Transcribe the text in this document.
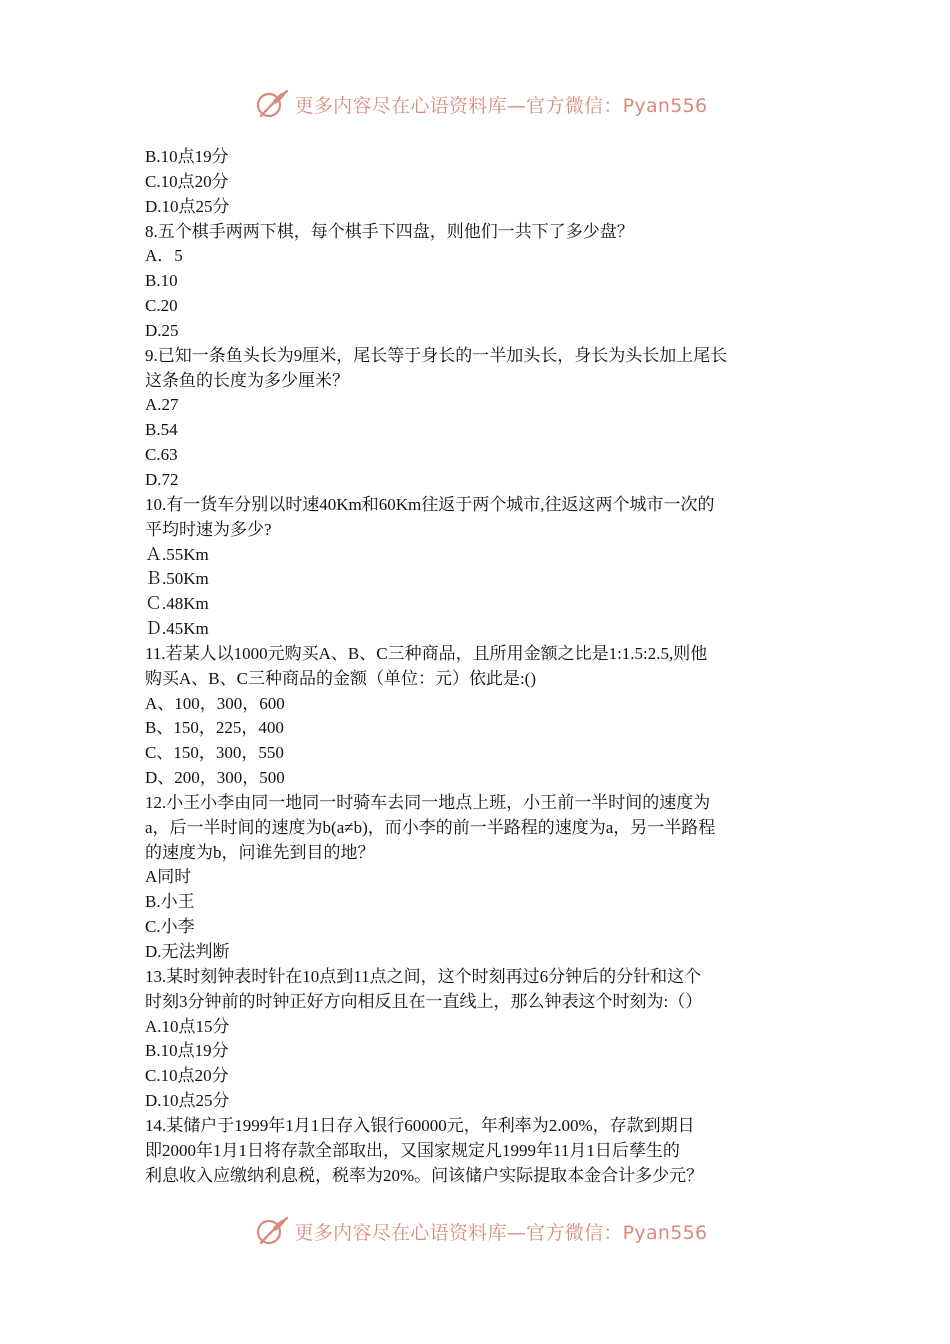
更多内容尽在心语资料库—官方微信：Pyan556
B.10点19分
C.10点20分
D.10点25分
8.五个棋手两两下棋，每个棋手下四盘，则他们一共下了多少盘？
A．5
B.10
C.20
D.25
9.已知一条鱼头长为9厘米，尾长等于身长的一半加头长，身长为头长加上尾长
这条鱼的长度为多少厘米？
A.27
B.54
C.63
D.72
10.有一货车分别以时速40Km和60Km往返于两个城市,往返这两个城市一次的
平均时速为多少?
Ａ.55Km
Ｂ.50Km
Ｃ.48Km
Ｄ.45Km
11.若某人以1000元购买A、B、C三种商品，且所用金额之比是1:1.5:2.5,则他
购买A、B、C三种商品的金额（单位：元）依此是:()
A、100，300，600
B、150，225，400
C、150，300，550
D、200，300，500
12.小王小李由同一地同一时骑车去同一地点上班，小王前一半时间的速度为
a，后一半时间的速度为b(a≠b)，而小李的前一半路程的速度为a，另一半路程
的速度为b，问谁先到目的地？
A同时
B.小王
C.小李
D.无法判断
13.某时刻钟表时针在10点到11点之间，这个时刻再过6分钟后的分针和这个
时刻3分钟前的时钟正好方向相反且在一直线上，那么钟表这个时刻为:（）
A.10点15分
B.10点19分
C.10点20分
D.10点25分
14.某储户于1999年1月1日存入银行60000元，年利率为2.00%，存款到期日
即2000年1月1日将存款全部取出，又国家规定凡1999年11月1日后孳生的
利息收入应缴纳利息税，税率为20%。问该储户实际提取本金合计多少元？
更多内容尽在心语资料库—官方微信：Pyan556
